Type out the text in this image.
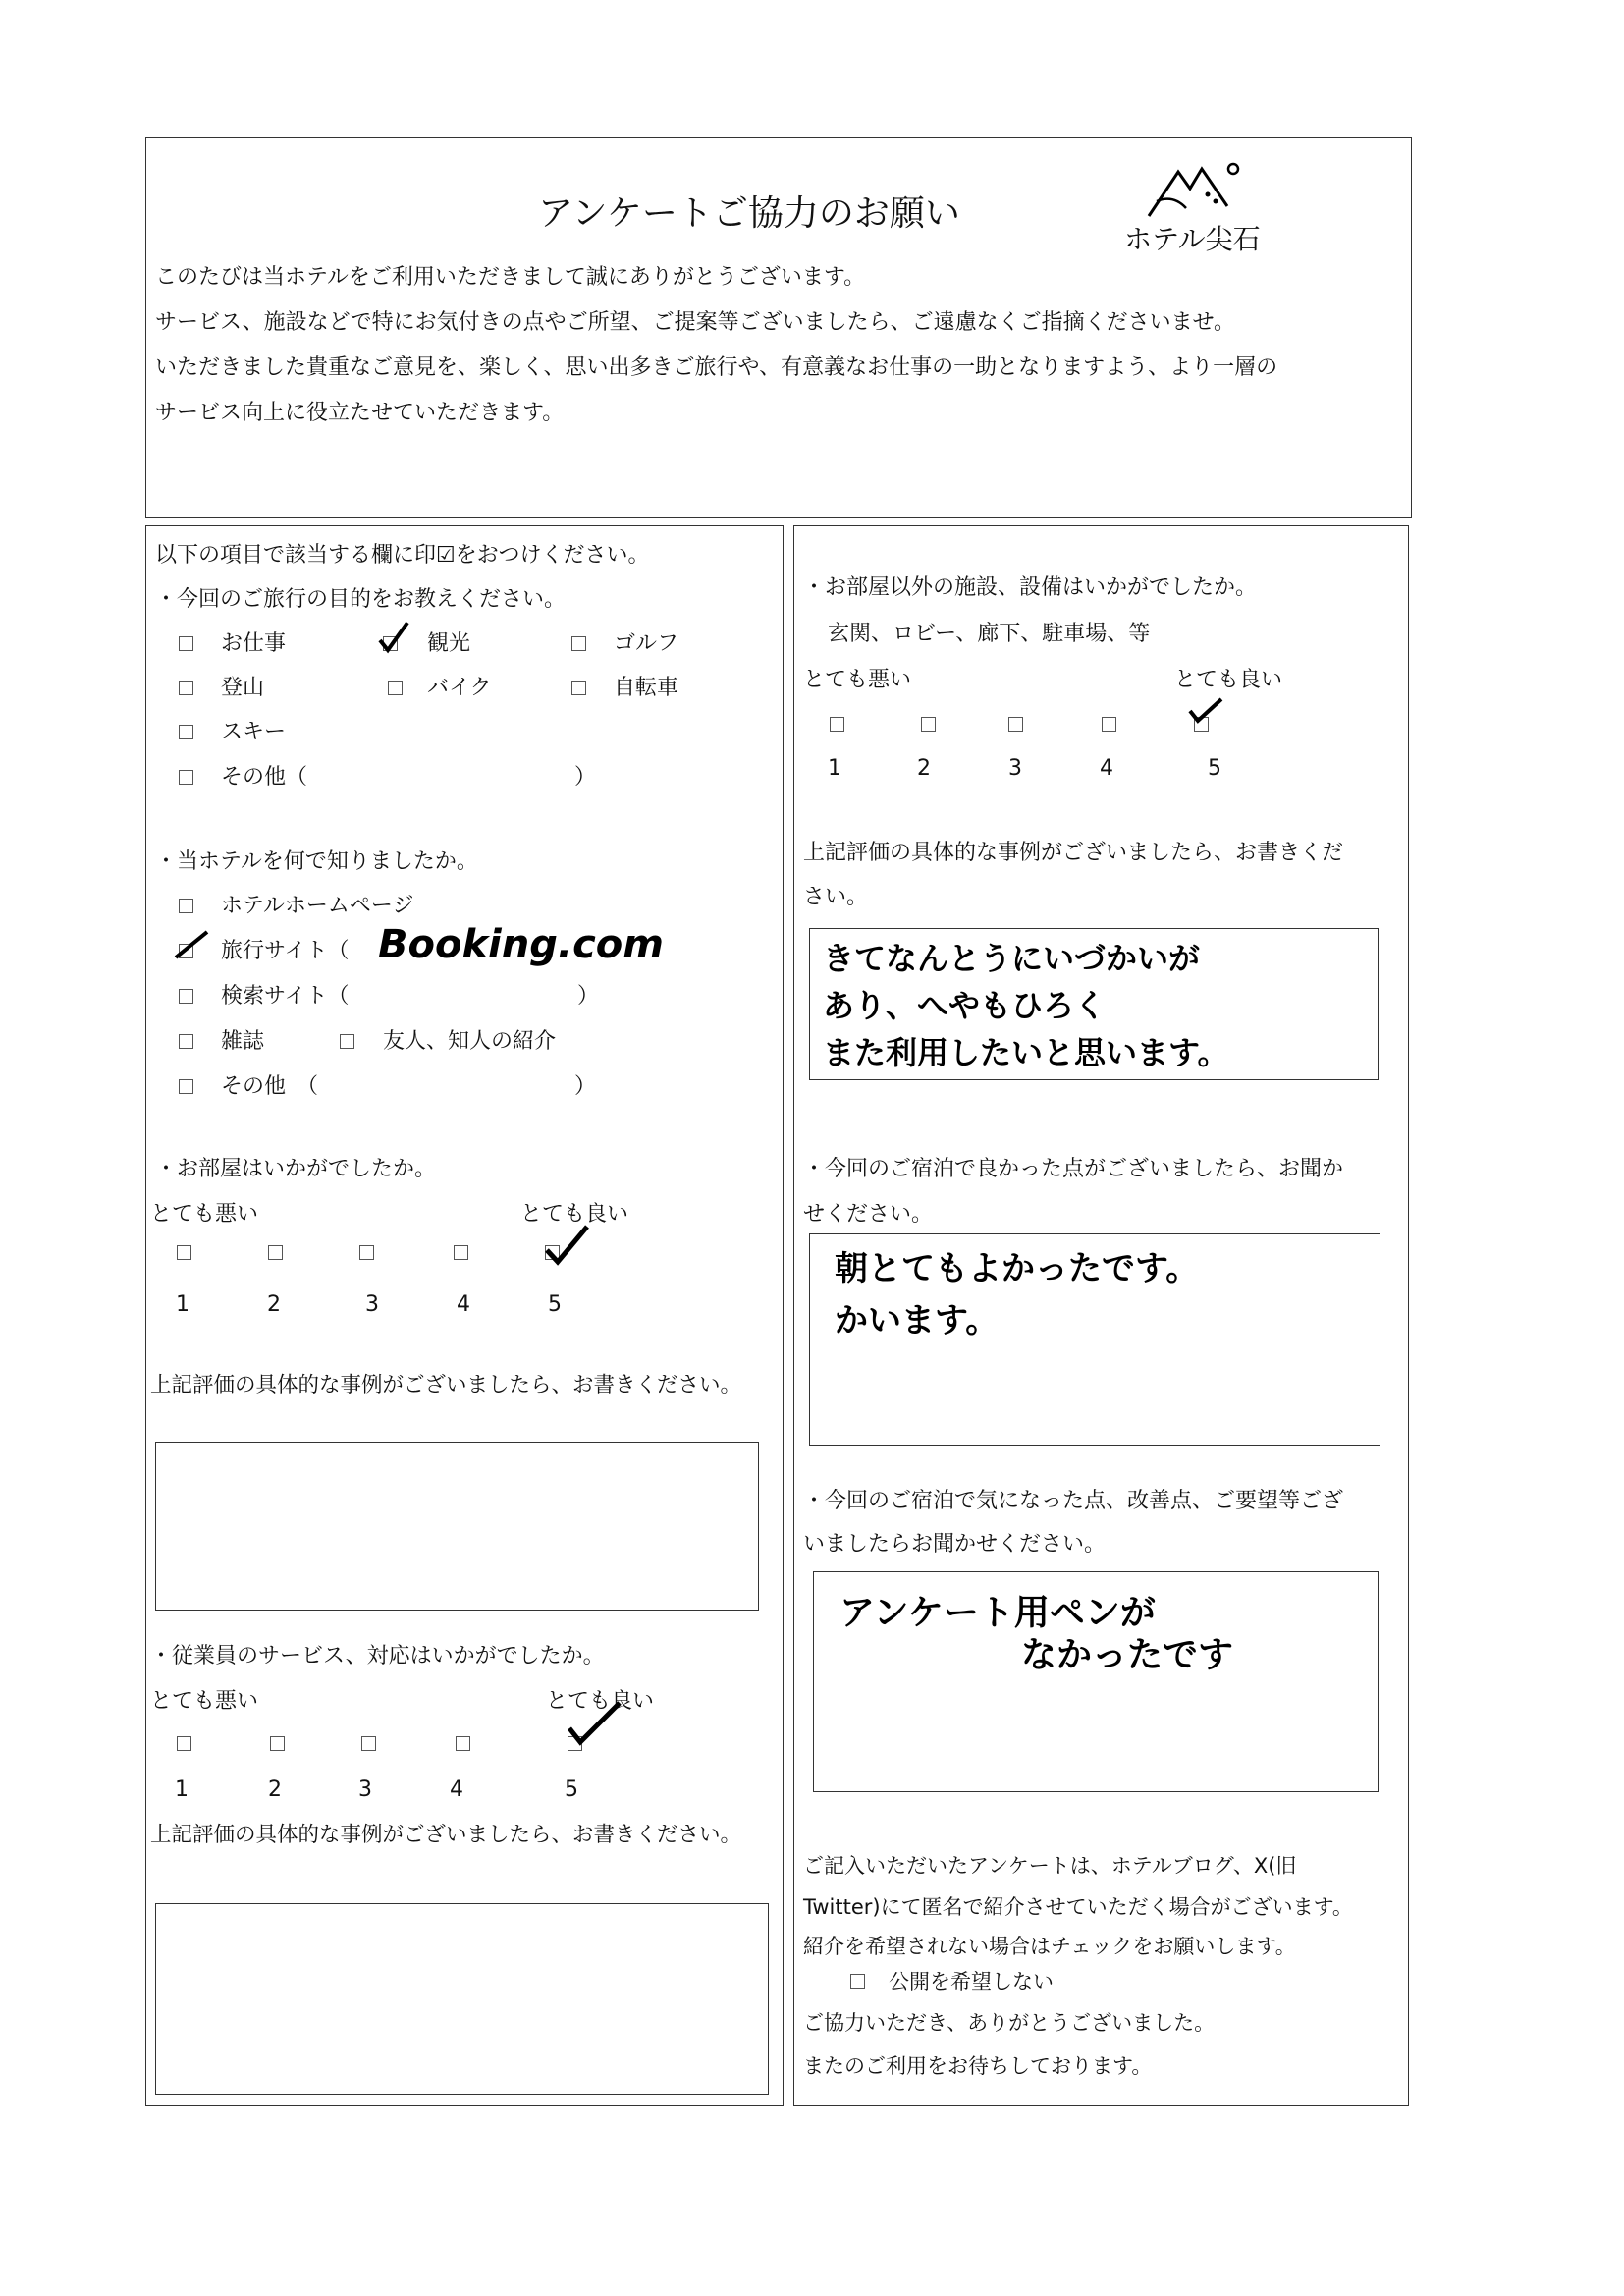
アンケートご協力のお願い
ホテル尖石
このたびは当ホテルをご利用いただきまして誠にありがとうございます。
サービス、施設などで特にお気付きの点やご所望、ご提案等ございましたら、ご遠慮なくご指摘くださいませ。
いただきました貴重なご意見を、楽しく、思い出多きご旅行や、有意義なお仕事の一助となりますよう、より一層の
サービス向上に役立たせていただきます。
以下の項目で該当する欄に印☑をおつけください。
・今回のご旅行の目的をお教えください。
お仕事	観光	ゴルフ
登山	バイク	自転車
スキー
その他（	）
・当ホテルを何で知りましたか。
ホテルホームページ
旅行サイト（ Booking.com
検索サイト（	）
雑誌	友人、知人の紹介
その他　（	）
・お部屋はいかがでしたか。
とても悪い	とても良い
1	2	3	4	5
上記評価の具体的な事例がございましたら、お書きください。
・従業員のサービス、対応はいかがでしたか。
とても悪い	とても良い
1	2	3	4	5
上記評価の具体的な事例がございましたら、お書きください。
・お部屋以外の施設、設備はいかがでしたか。
玄関、ロビー、廊下、駐車場、等
とても悪い	とても良い
1	2	3	4	5
上記評価の具体的な事例がございましたら、お書きくだ
さい。
きてなんとうにいづかいが
あり、へやもひろく
また利用したいと思います。
・今回のご宿泊で良かった点がございましたら、お聞か
せください。
朝とてもよかったです。
かいます。
・今回のご宿泊で気になった点、改善点、ご要望等ござ
いましたらお聞かせください。
アンケート用ペンが
なかったです
ご記入いただいたアンケートは、ホテルブログ、X(旧
Twitter)にて匿名で紹介させていただく場合がございます。
紹介を希望されない場合はチェックをお願いします。
公開を希望しない
ご協力いただき、ありがとうございました。
またのご利用をお待ちしております。
